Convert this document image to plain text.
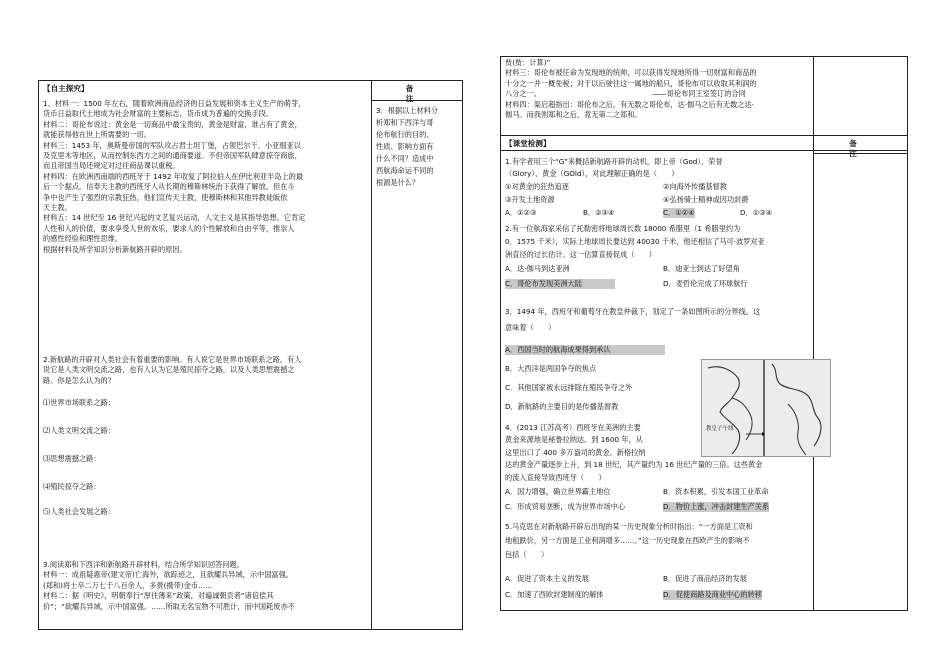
【自主探究】	备　　注
1、材料一：1500 年左右，随着欧洲商品经济的日益发展和资本主义生产的萌芽，
货币日益取代土地成为社会财富的主要标志，货币成为普遍的交换手段。
材料二：哥伦布说过：黄金是一切商品中最宝贵的，黄金是财富，谁占有了黄金，
就能获得他在世上所需要的一切。
材料三：1453 年，奥斯曼帝国的军队攻占君士坦丁堡，占领巴尔干、小亚细亚以
及克里木等地区，从而控制东西方之间的通商要道。不但帝国军队肆意掠夺商旅，
而且帝国当局还规定对过往商品课以重税。
材料四：在欧洲西南端的西班牙于 1492 年收复了阿拉伯人在伊比利亚半岛上的最
后一个据点。信奉天主教的西班牙人从长期的穆斯林统治下获得了解放，但在斗
争中也产生了强烈的宗教狂热，他们宣传天主教，使穆斯林和其他异教徒皈依
天主教。
材料五：14 世纪至 16 世纪兴起的文艺复兴运动，人文主义是其指导思想。它肯定
人性和人的价值，要求享受人世的欢乐，要求人的个性解放和自由平等，推崇人
的感性经验和理性思维。
根据材料及所学知识分析新航路开辟的原因。
2.新航路的开辟对人类社会有着重要的影响。有人说它是世界市场联系之路，有人
说它是人类文明交流之路，也有人认为它是殖民掠夺之路，以及人类思想震撼之
路。你是怎么认为的？
⑴世界市场联系之路：
⑵人类文明交流之路：
⑶思想震撼之路：
⑷殖民掠夺之路：
⑸人类社会发展之路：
3.阅读郑和下西洋和新航路开辟材料，结合所学知识回答问题。
材料一：成祖疑惠帝(建文帝)亡海外，欲踪迹之，且欲耀兵异域，示中国富强。
(郑和)将士卒二万七千八百余人，多赍(携带)金币……
材料二：据《明史》，明朝奉行“厚往薄来”政策，对遍诚朝贡者“诸倍偿其
价”；“欲耀兵异域，示中国富强。……所取无名宝物不可胜计，而中国耗废亦不
3．根据以上材料分
析郑和下西洋与哥
伦布航行的目的、
性质、影响方面有
什么不同？造成中
西航海命运不同的
根源是什么？
赀(赀：计算)”
材料三：哥伦布被任命为发现地的统帅，可以获得发现地所得一切财富和商品的
十分之一并一概免税；对于以后驶往这一属地的船只，哥伦布可以收取其利润的
八分之一。　　　　　　　　　　　　　　　　——哥伦布同王室签订的合同
材料四：渠启超指出：哥伦布之后，有无数之哥伦布，达·伽马之后有无数之达·
伽马。而我则郑和之后，竟无第二之郑和。
【课堂检测】	备　　注
1.有学者用三个“G”来概括新航路开辟的动机，即上帝（God）、荣誉
（Glory）、黄金（GOld），对此理解正确的是（　　）
①对黄金的狂热追逐	②向海外传播基督教
③开发土地资源	④弘扬骑士精神或因功封爵
A．①②③	B．②③④	C．①②④	D．①③④
2.有一位航海家采信了托勒密将地球周长数 18000 希腊里（1 希腊里约为
0．1575 千米），实际上地球周长要达到 40030 千米，他还相信了马可·波罗对亚
洲直径的过长估计。这一估算直接促成（　　）
A．达·伽马到达亚洲	B．迪亚士到达了好望角
C．哥伦布发现美洲大陆	D．麦哲伦完成了环球航行
3．1494 年，西班牙和葡萄牙在教皇仲裁下，划定了一条如图所示的分界线。这
意味着（　　）
A．西国当时的航海成果得到承认
B．大西洋是两国争夺的焦点
C．其他国家被永远排除在殖民争夺之外
D．新航路的主要目的是传播基督教
教皇子午线
4．(2013 江苏高考）西班牙在美洲的主要
黄金来源地是秘鲁拉纳达。到 1600 年，从
这里出口了 400 多万盎司的黄金。新格拉纳
达的黄金产量逐步上升，到 18 世纪，其产量约为 16 世纪产量的三倍。这些黄金
的流入直接导致西班牙（　　）
A．国力增强，确立世界霸主地位	B．资本积累，引发本国工业革命
C．形成贸易垄断，成为世界市场中心	D．物价上涨，冲击封建生产关系
5.马克思在对新航路开辟后出现的某一历史现象分析时指出：“一方面是工资和
地租跌价，另一方面是工业利润增多……。”这一历史现象在西欧产生的影响不
包括（　　）
A．促进了资本主义的发展	B．促进了商品经济的发展
C．加速了西欧封建制度的解体	D．促使商路及商业中心的转移
